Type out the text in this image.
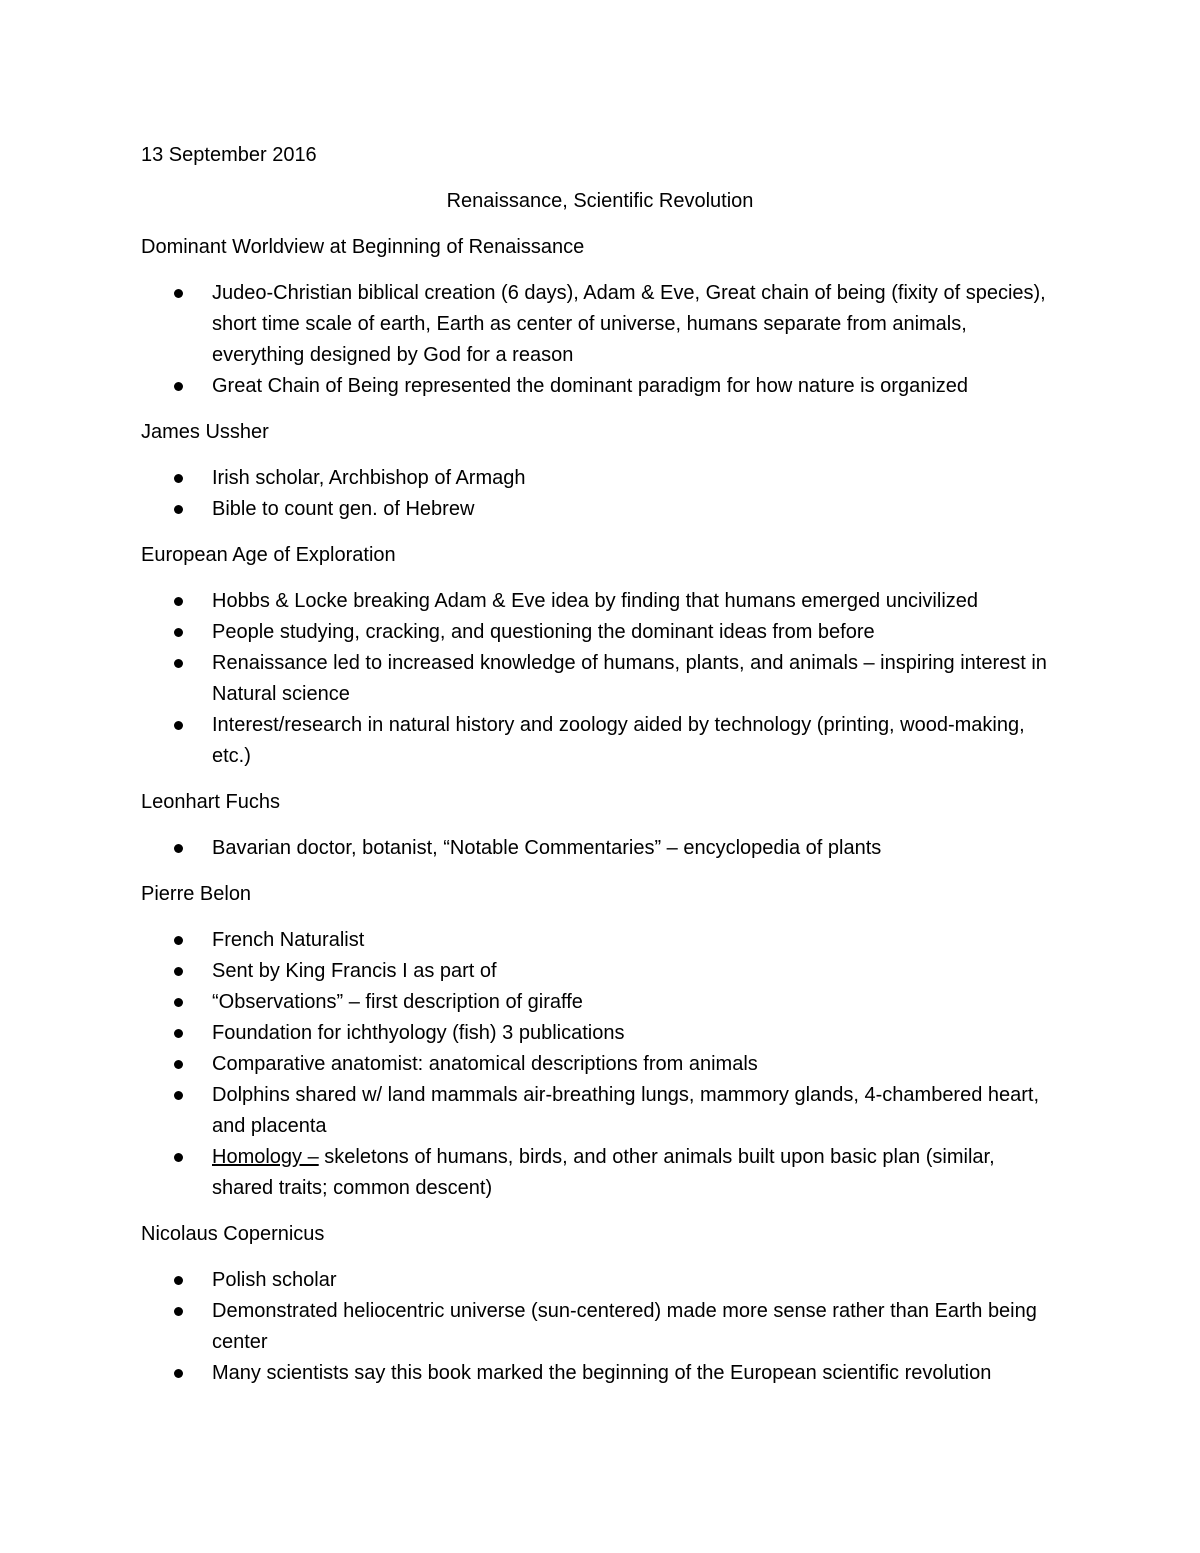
13 September 2016
Renaissance, Scientific Revolution
Dominant Worldview at Beginning of Renaissance
Judeo-Christian biblical creation (6 days), Adam & Eve, Great chain of being (fixity of species), short time scale of earth, Earth as center of universe, humans separate from animals, everything designed by God for a reason
Great Chain of Being represented the dominant paradigm for how nature is organized
James Ussher
Irish scholar, Archbishop of Armagh
Bible to count gen. of Hebrew
European Age of Exploration
Hobbs & Locke breaking Adam & Eve idea by finding that humans emerged uncivilized
People studying, cracking, and questioning the dominant ideas from before
Renaissance led to increased knowledge of humans, plants, and animals – inspiring interest in Natural science
Interest/research in natural history and zoology aided by technology (printing, wood-making, etc.)
Leonhart Fuchs
Bavarian doctor, botanist, “Notable Commentaries” – encyclopedia of plants
Pierre Belon
French Naturalist
Sent by King Francis I as part of
“Observations” – first description of giraffe
Foundation for ichthyology (fish) 3 publications
Comparative anatomist: anatomical descriptions from animals
Dolphins shared w/ land mammals air-breathing lungs, mammory glands, 4-chambered heart, and placenta
Homology – skeletons of humans, birds, and other animals built upon basic plan (similar, shared traits; common descent)
Nicolaus Copernicus
Polish scholar
Demonstrated heliocentric universe (sun-centered) made more sense rather than Earth being center
Many scientists say this book marked the beginning of the European scientific revolution
